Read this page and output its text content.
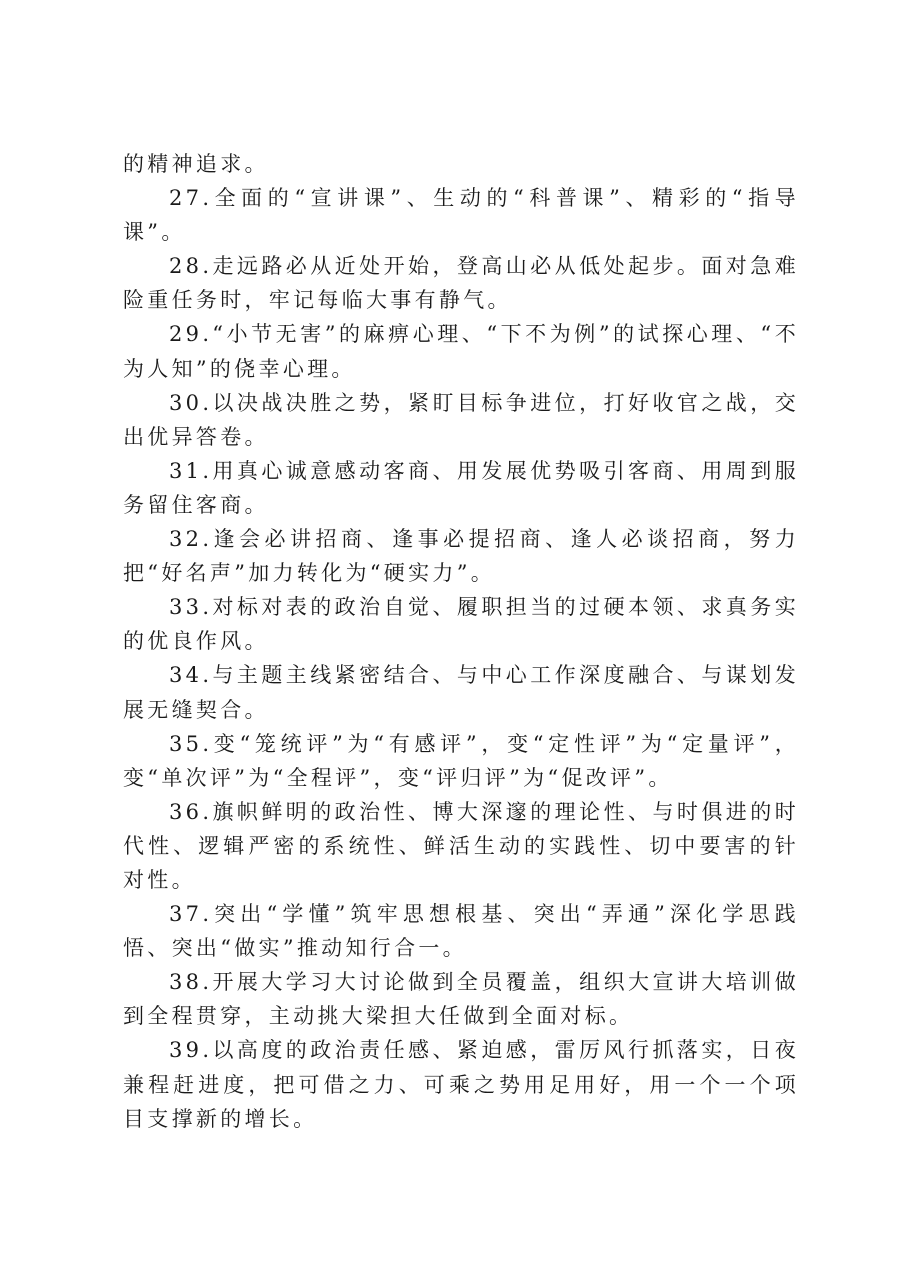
的精神追求。

27.全面的“宣讲课”、生动的“科普课”、精彩的“指导课”。

28.走远路必从近处开始，登高山必从低处起步。面对急难险重任务时，牢记每临大事有静气。

29.“小节无害”的麻痹心理、“下不为例”的试探心理、“不为人知”的侥幸心理。

30.以决战决胜之势，紧盯目标争进位，打好收官之战，交出优异答卷。

31.用真心诚意感动客商、用发展优势吸引客商、用周到服务留住客商。

32.逢会必讲招商、逢事必提招商、逢人必谈招商，努力把“好名声”加力转化为“硬实力”。

33.对标对表的政治自觉、履职担当的过硬本领、求真务实的优良作风。

34.与主题主线紧密结合、与中心工作深度融合、与谋划发展无缝契合。

35.变“笼统评”为“有感评”，变“定性评”为“定量评”，变“单次评”为“全程评”，变“评归评”为“促改评”。

36.旗帜鲜明的政治性、博大深邃的理论性、与时俱进的时代性、逻辑严密的系统性、鲜活生动的实践性、切中要害的针对性。

37.突出“学懂”筑牢思想根基、突出“弄通”深化学思践悟、突出“做实”推动知行合一。

38.开展大学习大讨论做到全员覆盖，组织大宣讲大培训做到全程贯穿，主动挑大梁担大任做到全面对标。

39.以高度的政治责任感、紧迫感，雷厉风行抓落实，日夜兼程赶进度，把可借之力、可乘之势用足用好，用一个一个项目支撑新的增长。
